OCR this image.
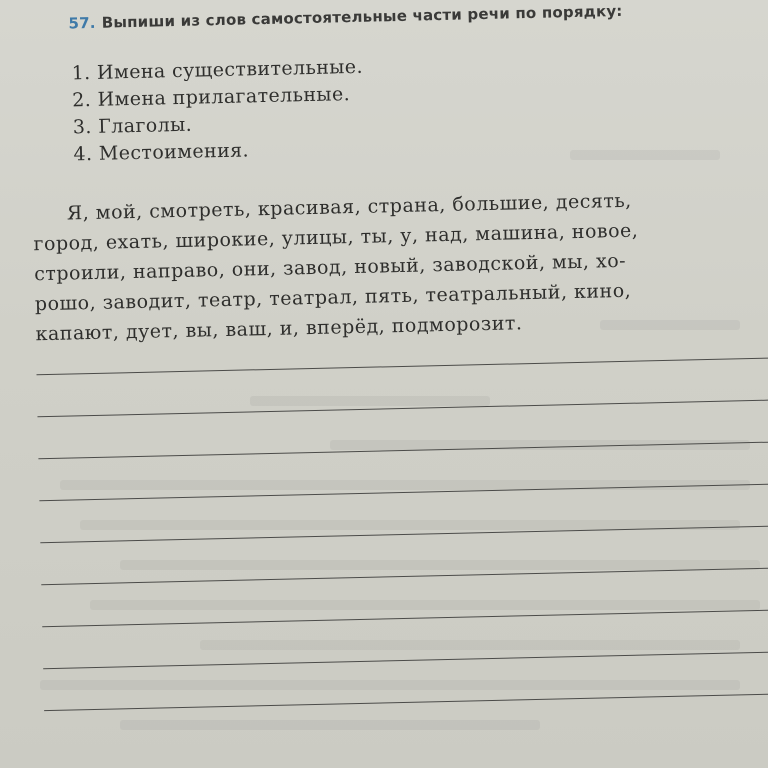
57. Выпиши из слов самостоятельные части речи по порядку:
1. Имена существительные.
2. Имена прилагательные.
3. Глаголы.
4. Местоимения.
Я, мой, смотреть, красивая, страна, большие, десять,
город, ехать, широкие, улицы, ты, у, над, машина, новое,
строили, направо, они, завод, новый, заводской, мы, хо-
рошо, заводит, театр, театрал, пять, театральный, кино,
капают, дует, вы, ваш, и, вперёд, подморозит.
